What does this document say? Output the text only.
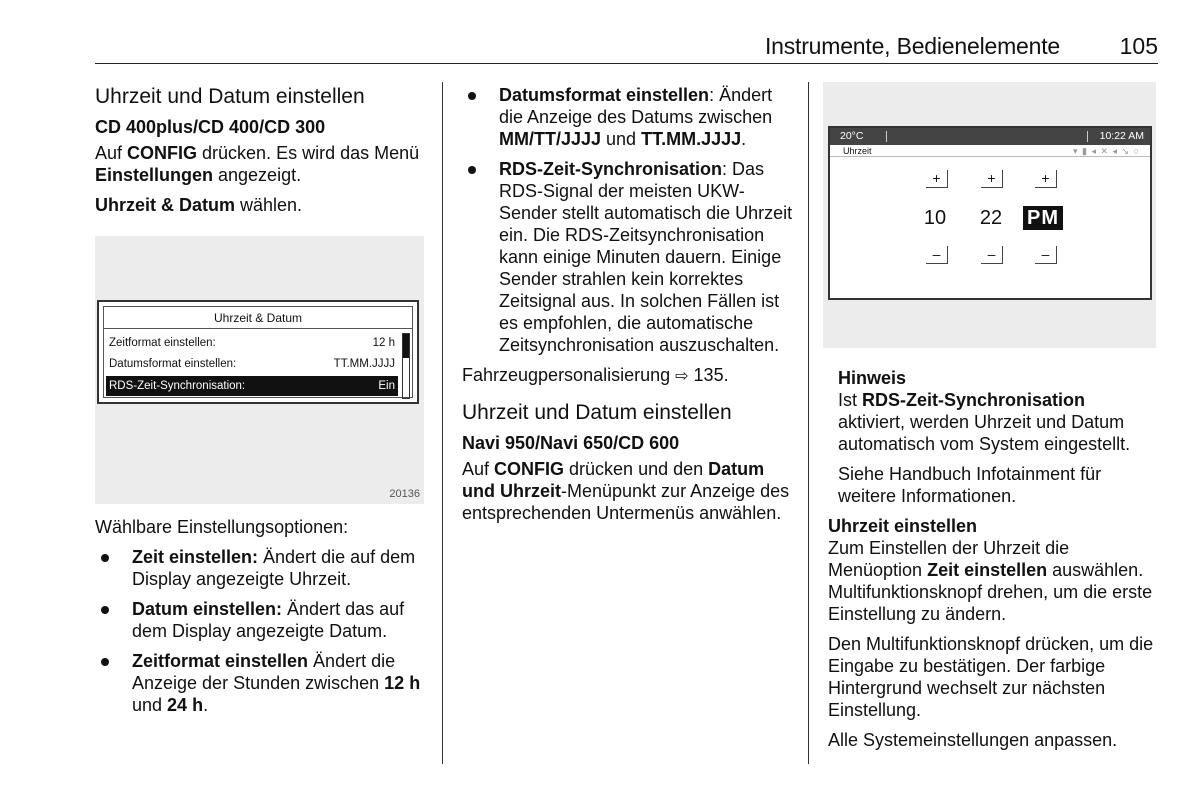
Instrumente, Bedienelemente	105
Uhrzeit und Datum einstellen
CD 400plus/CD 400/CD 300

Auf CONFIG drücken. Es wird das Menü Einstellungen angezeigt.

Uhrzeit & Datum wählen.

Uhrzeit & Datum
Zeitformat einstellen:	12 h
Datumsformat einstellen:	TT.MM.JJJJ
RDS-Zeit-Synchronisation:	Ein
20136

Wählbare Einstellungsoptionen:

Zeit einstellen: Ändert die auf dem Display angezeigte Uhrzeit.
Datum einstellen: Ändert das auf dem Display angezeigte Datum.
Zeitformat einstellen Ändert die Anzeige der Stunden zwischen 12 h und 24 h.
Datumsformat einstellen: Ändert die Anzeige des Datums zwischen MM/TT/JJJJ und TT.MM.JJJJ.
RDS-Zeit-Synchronisation: Das RDS-Signal der meisten UKW-Sender stellt automatisch die Uhrzeit ein. Die RDS-Zeitsynchronisation kann einige Minuten dauern. Einige Sender strahlen kein korrektes Zeitsignal aus. In solchen Fällen ist es empfohlen, die automatische Zeitsynchronisation auszuschalten.

Fahrzeugpersonalisierung ⇨ 135.

Uhrzeit und Datum einstellen
Navi 950/Navi 650/CD 600

Auf CONFIG drücken und den Datum und Uhrzeit-Menüpunkt zur Anzeige des entsprechenden Untermenüs anwählen.

20°C	10:22 AM
Uhrzeit	▾ ▮ ◂ ✕ ◂ ↘ ○
+	+	+
10	22	PM
–	–	–
Hinweis

Ist RDS-Zeit-Synchronisation aktiviert, werden Uhrzeit und Datum automatisch vom System eingestellt.

Siehe Handbuch Infotainment für weitere Informationen.

Uhrzeit einstellen

Zum Einstellen der Uhrzeit die Menüoption Zeit einstellen auswählen. Multifunktionsknopf drehen, um die erste Einstellung zu ändern.

Den Multifunktionsknopf drücken, um die Eingabe zu bestätigen. Der farbige Hintergrund wechselt zur nächsten Einstellung.

Alle Systemeinstellungen anpassen.
